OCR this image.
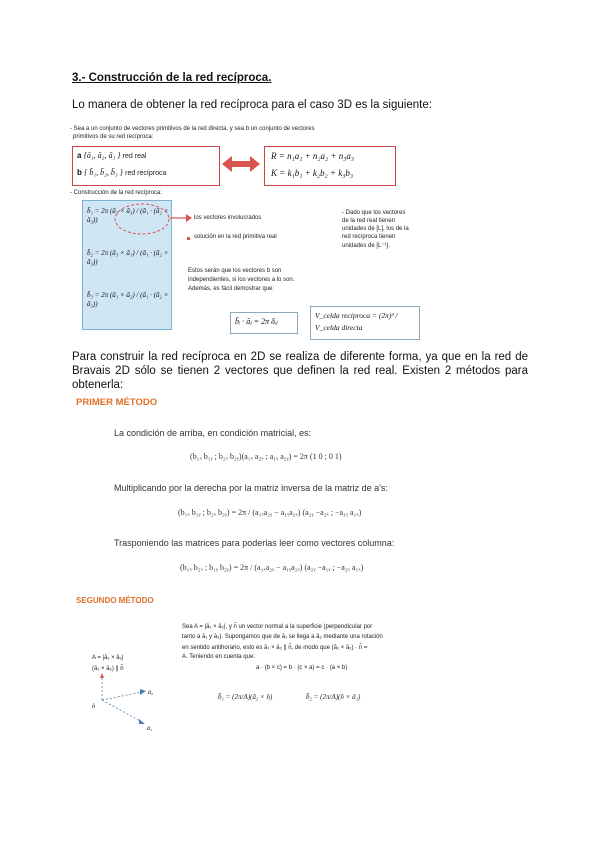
3.- Construcción de la red recíproca.
Lo manera de obtener la red recíproca para el caso 3D es la siguiente:
- Sea a un conjunto de vectores primitivos de la red directa, y sea b un conjunto de vectores
primitivos de su red recíproca:
a {ā₁, ā₂, ā₃ } red real
b { b̄₁, b̄₂, b̄₃ } red recíproca
R = n₁a₁ + n₂a₂ + n₃a₃
K = k₁b₁ + k₂b₂ + k₃b₃
- Construcción de la red recíproca:
b̄₁ = 2π (ā₂ × ā₃) / (ā₁ · (ā₂ × ā₃))
b̄₂ = 2π (ā₃ × ā₁) / (ā₁ · (ā₂ × ā₃))
b̄₃ = 2π (ā₁ × ā₂) / (ā₁ · (ā₂ × ā₃))
los vectores involucrados
solución en la red primitiva real
- Dado que los vectores
de la red real tienen
unidades de [L], los de la
red recíproca tienen
unidades de [L⁻¹].
Estos serán que los vectores b son
independientes, si los vectores a lo son.
Además, es fácil demostrar que:
b̄ᵢ · āⱼ = 2π δᵢⱼ
V_celda recíproca = (2π)³ / V_celda directa
Para construir la red recíproca en 2D se realiza de diferente forma, ya que en la red de Bravais 2D sólo se tienen 2 vectores que definen la red real. Existen 2 métodos para obtenerla:
PRIMER MÉTODO
La condición de arriba, en condición matricial, es:
(b₁ₓ b₁ᵧ ; b₂ₓ b₂ᵧ)(a₁ₓ a₂ₓ ; a₁ᵧ a₂ᵧ) = 2π (1 0 ; 0 1)
Multiplicando por la derecha por la matriz inversa de la matriz de a's:
(b₁ₓ b₁ᵧ ; b₂ₓ b₂ᵧ) = 2π / (a₁ₓa₂ᵧ − a₁ᵧa₂ₓ) (a₂ᵧ −a₂ₓ ; −a₁ᵧ a₁ₓ)
Trasponiendo las matrices para poderlas leer como vectores columna:
(b₁ₓ b₂ₓ ; b₁ᵧ b₂ᵧ) = 2π / (a₁ₓa₂ᵧ − a₁ᵧa₂ₓ) (a₂ᵧ −a₁ᵧ ; −a₂ₓ a₁ₓ)
SEGUNDO MÉTODO
Sea A = |ā₁ × ā₂|, y n̂ un vector normal a la superficie (perpendicular por
tanto a ā₁ y ā₂). Supongamos que de ā₁ se llega a ā₂ mediante una rotación
en sentido antihorario, esto es ā₁ × ā₂ ∥ n̂, de modo que (ā₁ × ā₂) · n̂ =
A. Teniendo en cuenta que:
a · (b × c) = b · (c × a) = c · (a × b)
b̄₁ = (2π/A)(ā₂ × n̂)	b̄₂ = (2π/A)(n̂ × ā₁)
A = |ā₁ × ā₂|
(ā₁ × ā₂) ∥ n̂
n̂
ā₂
ā₁
